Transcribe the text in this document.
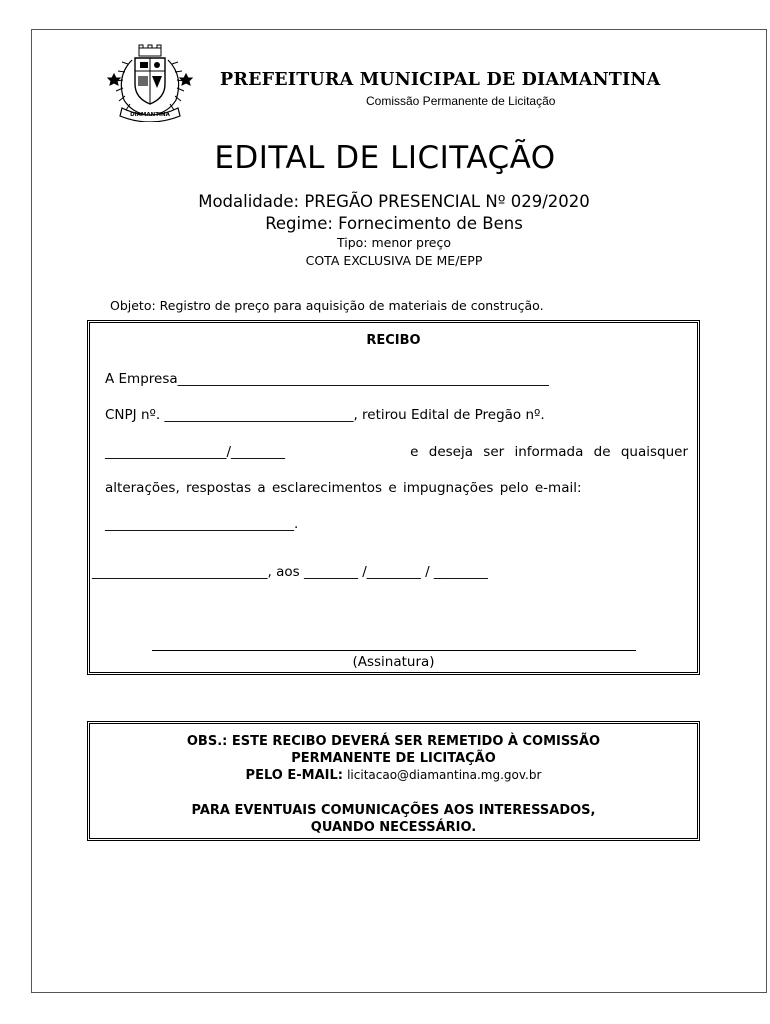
DIAMANTINA
PREFEITURA MUNICIPAL DE DIAMANTINA
Comissão Permanente de Licitação
EDITAL DE LICITAÇÃO
Modalidade: PREGÃO PRESENCIAL Nº 029/2020
Regime: Fornecimento de Bens
Tipo: menor preço
COTA EXCLUSIVA DE ME/EPP
Objeto: Registro de preço para aquisição de materiais de construção.
RECIBO
A Empresa_______________________________________________________
CNPJ nº. ____________________________, retirou Edital de Pregão nº.
__________________/________	e deseja ser informada de quaisquer
alterações, respostas a esclarecimentos e impugnações pelo e-mail:
____________________________.
__________________________, aos ________ /________ / ________
(Assinatura)
OBS.: ESTE RECIBO DEVERÁ SER REMETIDO À COMISSÃO
PERMANENTE DE LICITAÇÃO
PELO E-MAIL: licitacao@diamantina.mg.gov.br
PARA EVENTUAIS COMUNICAÇÕES AOS INTERESSADOS,
QUANDO NECESSÁRIO.
